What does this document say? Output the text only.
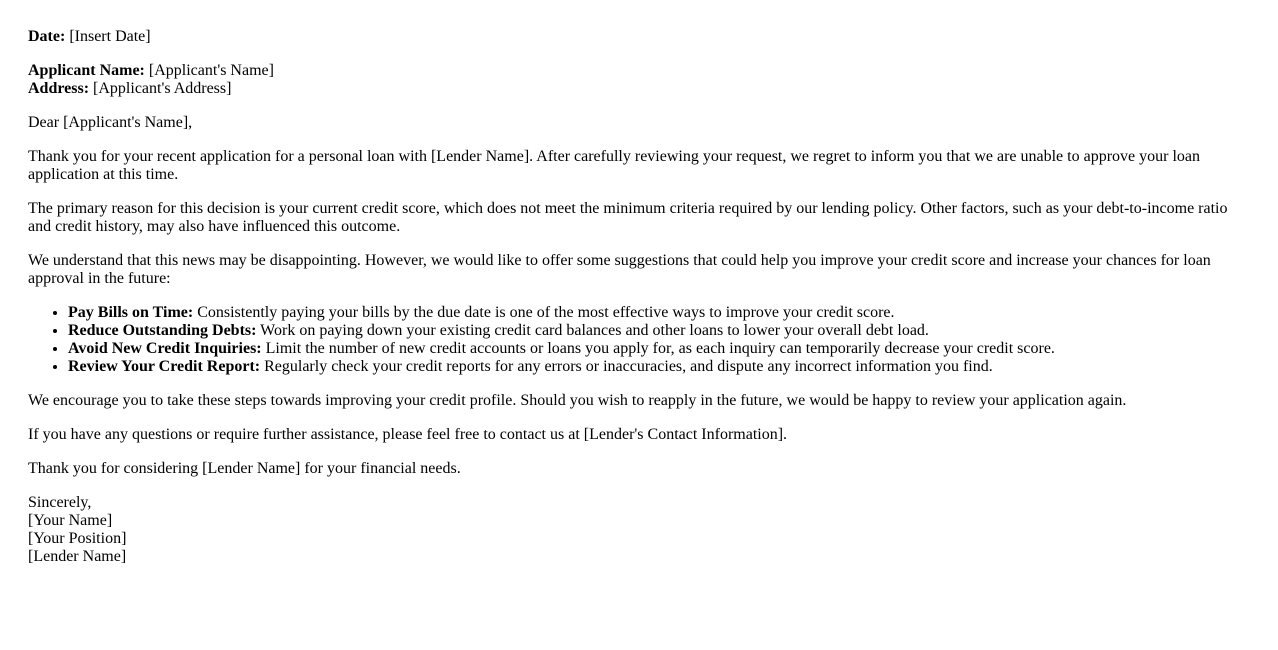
Date: [Insert Date]

Applicant Name: [Applicant's Name]
Address: [Applicant's Address]

Dear [Applicant's Name],

Thank you for your recent application for a personal loan with [Lender Name]. After carefully reviewing your request, we regret to inform you that we are unable to approve your loan application at this time.

The primary reason for this decision is your current credit score, which does not meet the minimum criteria required by our lending policy. Other factors, such as your debt-to-income ratio and credit history, may also have influenced this outcome.

We understand that this news may be disappointing. However, we would like to offer some suggestions that could help you improve your credit score and increase your chances for loan approval in the future:

• Pay Bills on Time: Consistently paying your bills by the due date is one of the most effective ways to improve your credit score.
• Reduce Outstanding Debts: Work on paying down your existing credit card balances and other loans to lower your overall debt load.
• Avoid New Credit Inquiries: Limit the number of new credit accounts or loans you apply for, as each inquiry can temporarily decrease your credit score.
• Review Your Credit Report: Regularly check your credit reports for any errors or inaccuracies, and dispute any incorrect information you find.

We encourage you to take these steps towards improving your credit profile. Should you wish to reapply in the future, we would be happy to review your application again.

If you have any questions or require further assistance, please feel free to contact us at [Lender's Contact Information].

Thank you for considering [Lender Name] for your financial needs.

Sincerely,
[Your Name]
[Your Position]
[Lender Name]
